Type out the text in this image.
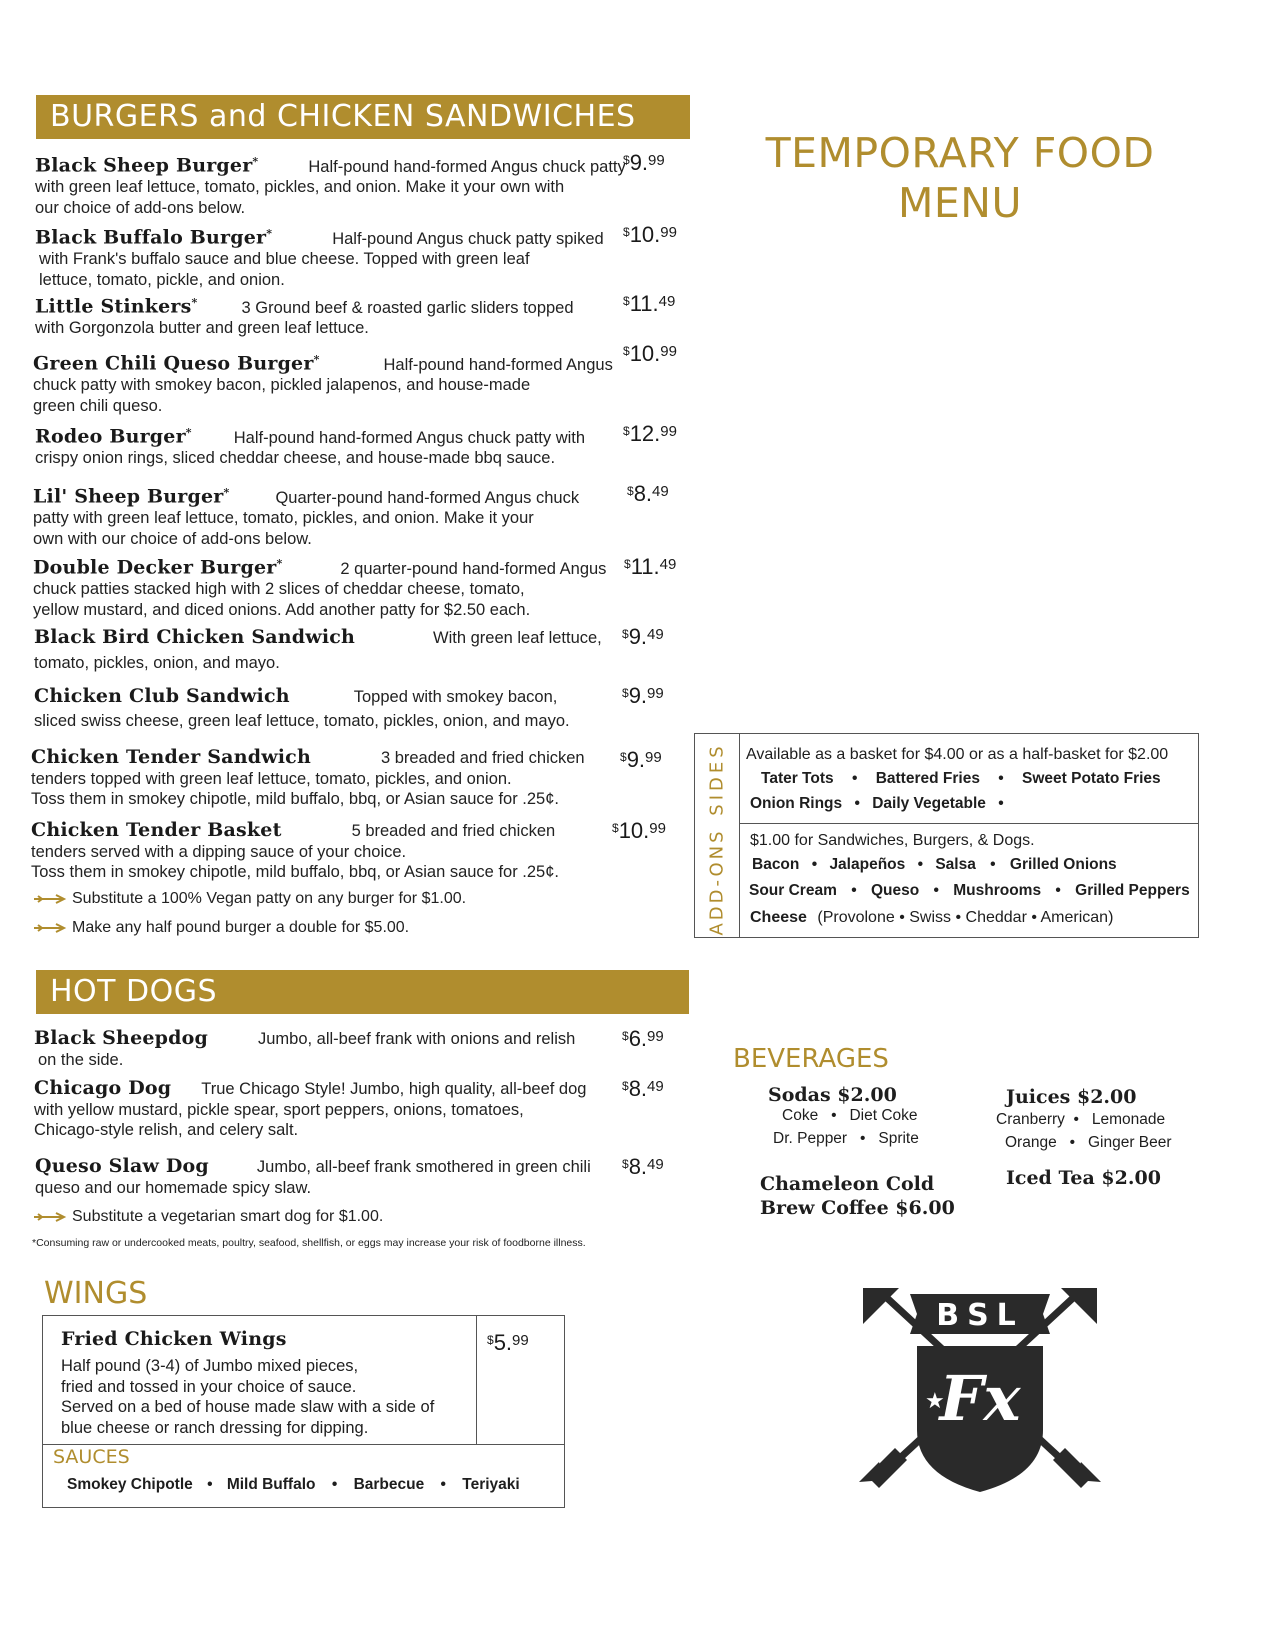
BURGERS and CHICKEN SANDWICHES
TEMPORARY FOOD
MENU
Black Sheep Burger*	Half-pound hand-formed Angus chuck patty
with green leaf lettuce, tomato, pickles, and onion. Make it your own with
our choice of add-ons below.
$9.99
Black Buffalo Burger*	Half-pound Angus chuck patty spiked
with Frank's buffalo sauce and blue cheese. Topped with green leaf
lettuce, tomato, pickle, and onion.
$10.99
Little Stinkers*	3 Ground beef & roasted garlic sliders topped
with Gorgonzola butter and green leaf lettuce.
$11.49
Green Chili Queso Burger*	Half-pound hand-formed Angus
chuck patty with smokey bacon, pickled jalapenos, and house-made
green chili queso.
$10.99
Rodeo Burger*	Half-pound hand-formed Angus chuck patty with
crispy onion rings, sliced cheddar cheese, and house-made bbq sauce.
$12.99
Lil' Sheep Burger*	Quarter-pound hand-formed Angus chuck
patty with green leaf lettuce, tomato, pickles, and onion. Make it your
own with our choice of add-ons below.
$8.49
Double Decker Burger*	2 quarter-pound hand-formed Angus
chuck patties stacked high with 2 slices of cheddar cheese, tomato,
yellow mustard, and diced onions. Add another patty for $2.50 each.
$11.49
Black Bird Chicken Sandwich	With green leaf lettuce,
tomato, pickles, onion, and mayo.
$9.49
Chicken Club Sandwich	Topped with smokey bacon,
sliced swiss cheese, green leaf lettuce, tomato, pickles, onion, and mayo.
$9.99
Chicken Tender Sandwich	3 breaded and fried chicken
tenders topped with green leaf lettuce, tomato, pickles, and onion.
Toss them in smokey chipotle, mild buffalo, bbq, or Asian sauce for .25¢.
$9.99
Chicken Tender Basket	5 breaded and fried chicken
tenders served with a dipping sauce of your choice.
Toss them in smokey chipotle, mild buffalo, bbq, or Asian sauce for .25¢.
$10.99
Substitute a 100% Vegan patty on any burger for $1.00.
Make any half pound burger a double for $5.00.
SIDES
ADD-ONS
Available as a basket for $4.00 or as a half-basket for $2.00
Tater Tots • Battered Fries • Sweet Potato Fries
Onion Rings • Daily Vegetable •
$1.00 for Sandwiches, Burgers, & Dogs.
Bacon • Jalapeños • Salsa • Grilled Onions
Sour Cream • Queso • Mushrooms • Grilled Peppers
Cheese (Provolone • Swiss • Cheddar • American)
HOT DOGS
Black Sheepdog	Jumbo, all-beef frank with onions and relish
on the side.
$6.99
Chicago Dog True Chicago Style! Jumbo, high quality, all-beef dog
with yellow mustard, pickle spear, sport peppers, onions, tomatoes,
Chicago-style relish, and celery salt.
$8.49
Queso Slaw Dog	Jumbo, all-beef frank smothered in green chili
queso and our homemade spicy slaw.
$8.49
Substitute a vegetarian smart dog for $1.00.
*Consuming raw or undercooked meats, poultry, seafood, shellfish, or eggs may increase your risk of foodborne illness.
BEVERAGES
Sodas $2.00
Coke   •   Diet Coke
Dr. Pepper   •   Sprite
Juices $2.00
Cranberry  •   Lemonade
Orange   •   Ginger Beer
Chameleon Cold
Brew Coffee $6.00
Iced Tea $2.00
WINGS
Fried Chicken Wings
Half pound (3-4) of Jumbo mixed pieces,
fried and tossed in your choice of sauce.
Served on a bed of house made slaw with a side of
blue cheese or ranch dressing for dipping.
$5.99
SAUCES
Smokey Chipotle • Mild Buffalo • Barbecue • Teriyaki
BSL
★
Fx
